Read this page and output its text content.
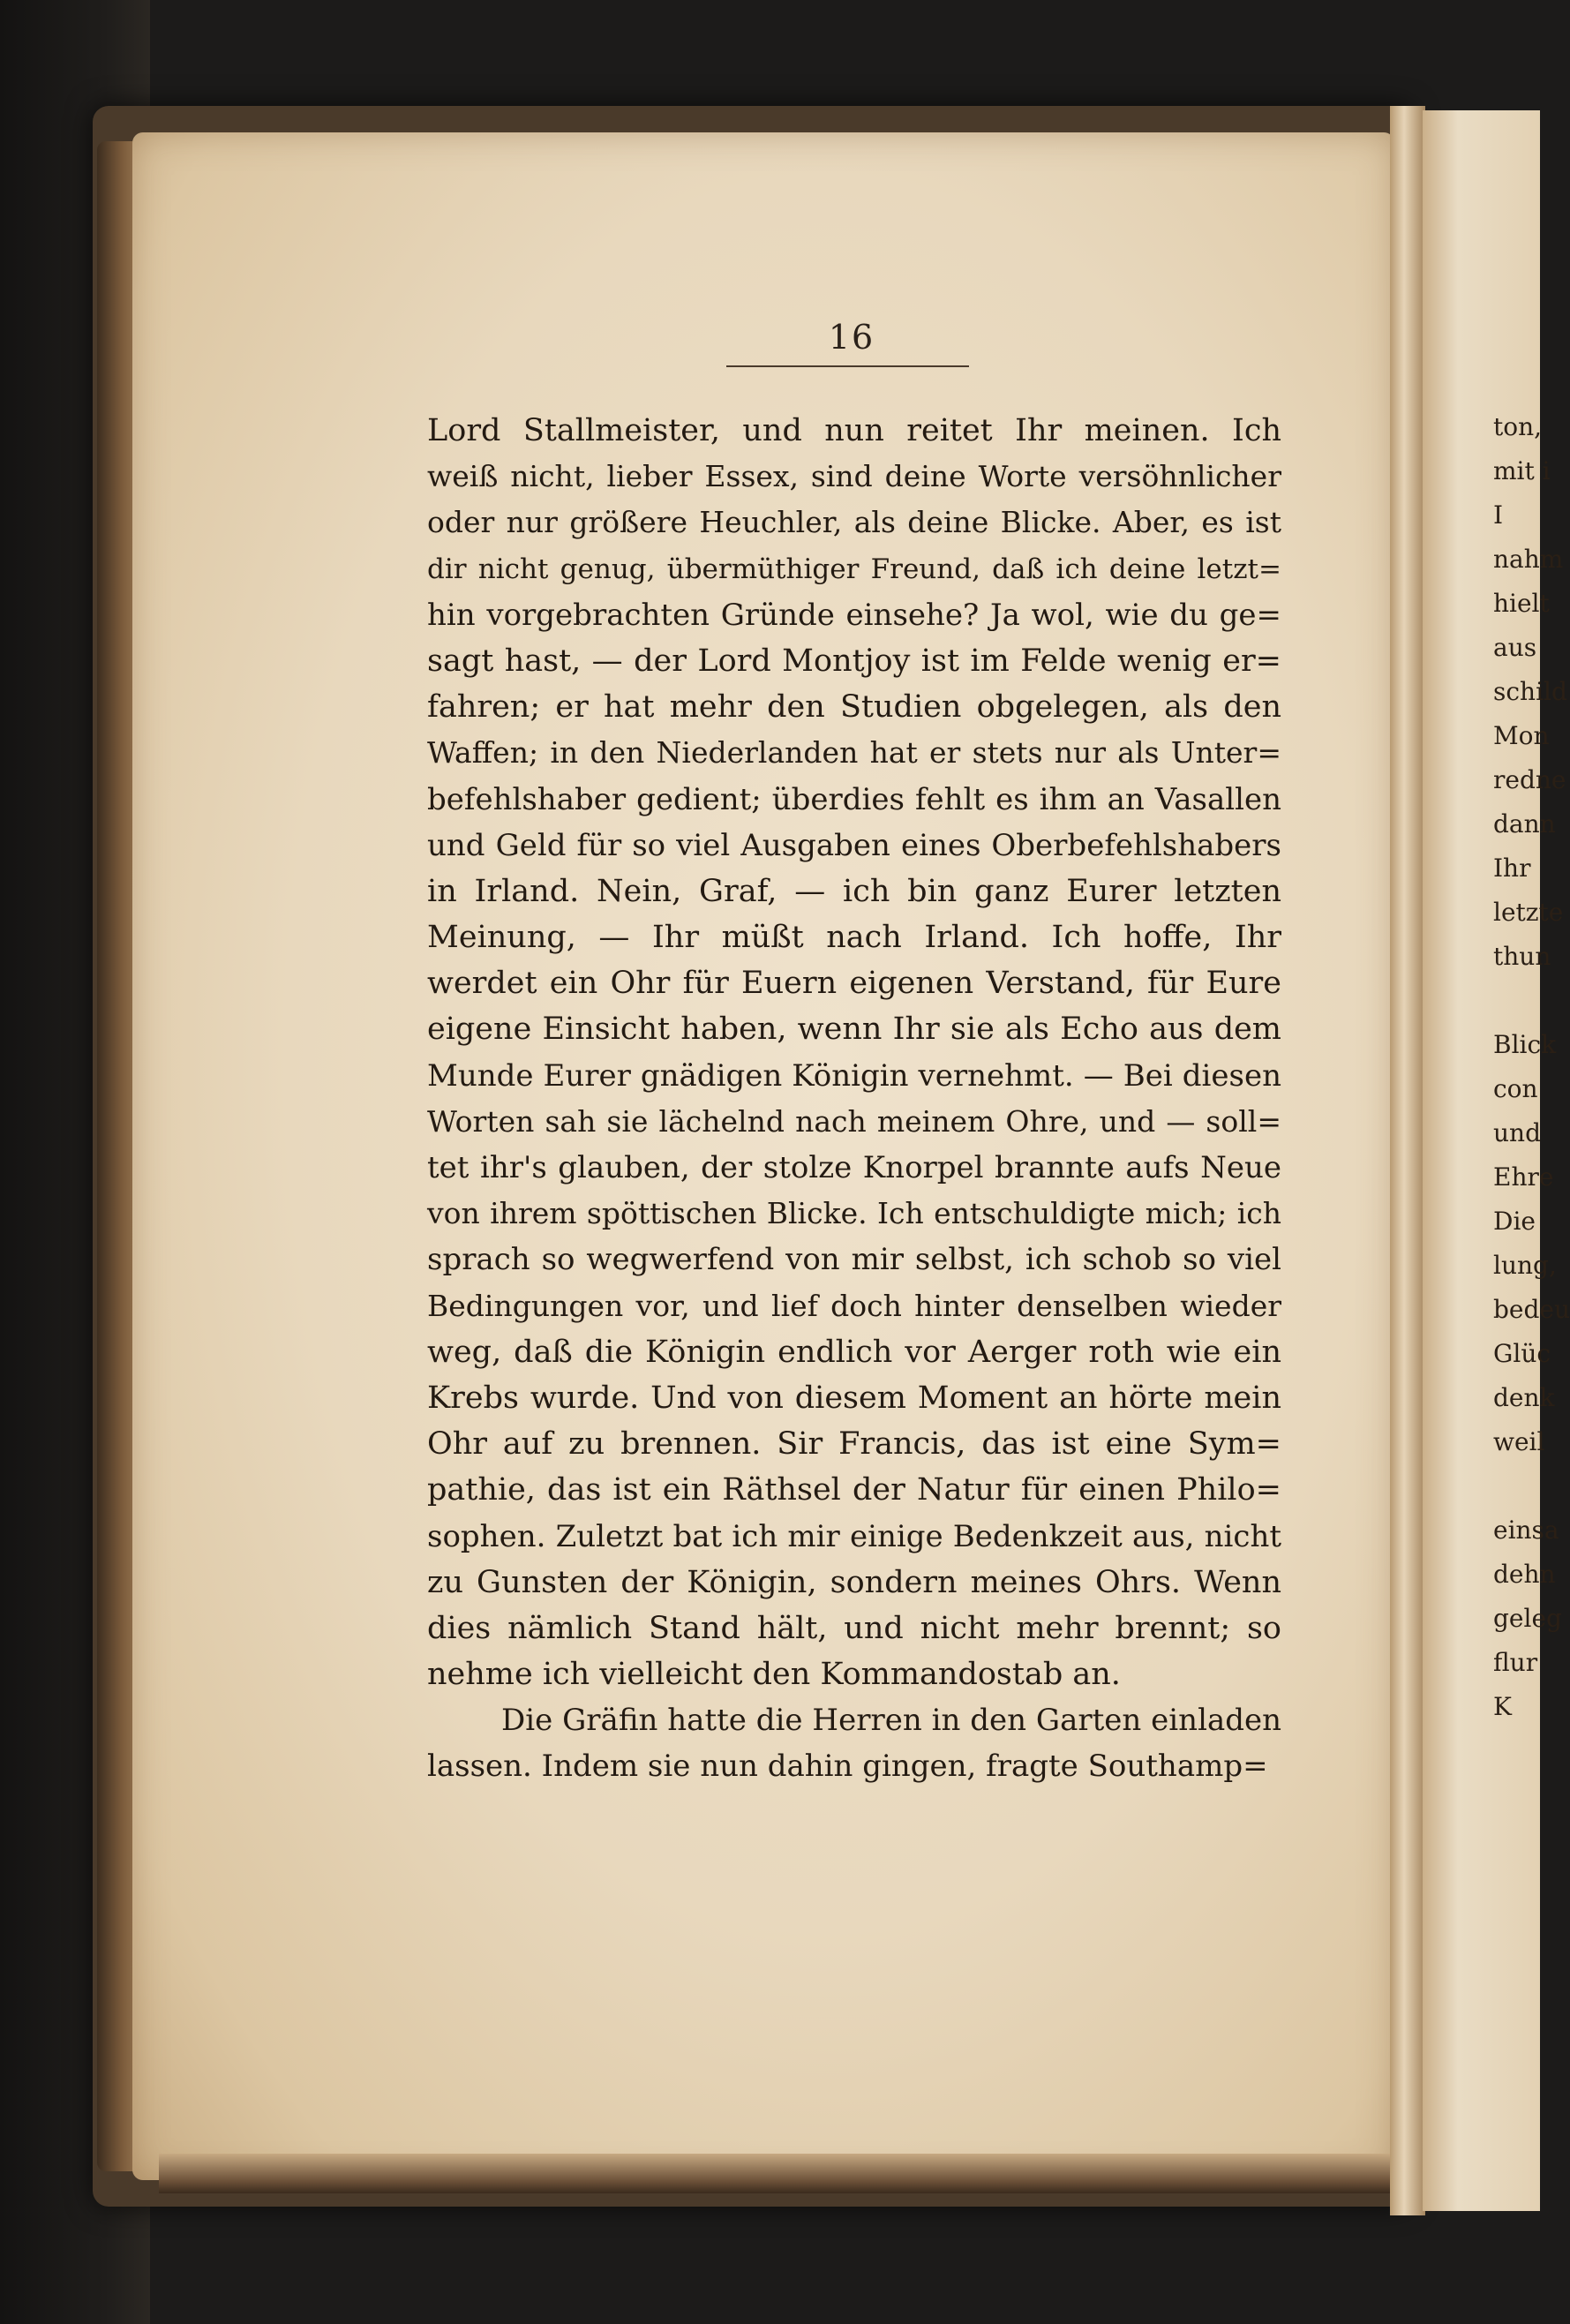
ton,
mit i
I
nahm
hielt
aus
schild
Mon
redne
dann
Ihr
letzte
thun
Blick
con
und
Ehre
Die
lung,
bedeu
Glüc
denk
weil
einsa
dehn
geleg
flur
K
16
Lord Stallmeister, und nun reitet Ihr meinen. Ich
weiß nicht, lieber Essex, sind deine Worte versöhnlicher
oder nur größere Heuchler, als deine Blicke. Aber, es ist
dir nicht genug, übermüthiger Freund, daß ich deine letzt=
hin vorgebrachten Gründe einsehe? Ja wol, wie du ge=
sagt hast, — der Lord Montjoy ist im Felde wenig er=
fahren; er hat mehr den Studien obgelegen, als den
Waffen; in den Niederlanden hat er stets nur als Unter=
befehlshaber gedient; überdies fehlt es ihm an Vasallen
und Geld für so viel Ausgaben eines Oberbefehlshabers
in Irland. Nein, Graf, — ich bin ganz Eurer letzten
Meinung, — Ihr müßt nach Irland. Ich hoffe, Ihr
werdet ein Ohr für Euern eigenen Verstand, für Eure
eigene Einsicht haben, wenn Ihr sie als Echo aus dem
Munde Eurer gnädigen Königin vernehmt. — Bei diesen
Worten sah sie lächelnd nach meinem Ohre, und — soll=
tet ihr's glauben, der stolze Knorpel brannte aufs Neue
von ihrem spöttischen Blicke. Ich entschuldigte mich; ich
sprach so wegwerfend von mir selbst, ich schob so viel
Bedingungen vor, und lief doch hinter denselben wieder
weg, daß die Königin endlich vor Aerger roth wie ein
Krebs wurde. Und von diesem Moment an hörte mein
Ohr auf zu brennen. Sir Francis, das ist eine Sym=
pathie, das ist ein Räthsel der Natur für einen Philo=
sophen. Zuletzt bat ich mir einige Bedenkzeit aus, nicht
zu Gunsten der Königin, sondern meines Ohrs. Wenn
dies nämlich Stand hält, und nicht mehr brennt; so
nehme ich vielleicht den Kommandostab an.
Die Gräfin hatte die Herren in den Garten einladen
lassen. Indem sie nun dahin gingen, fragte Southamp=
